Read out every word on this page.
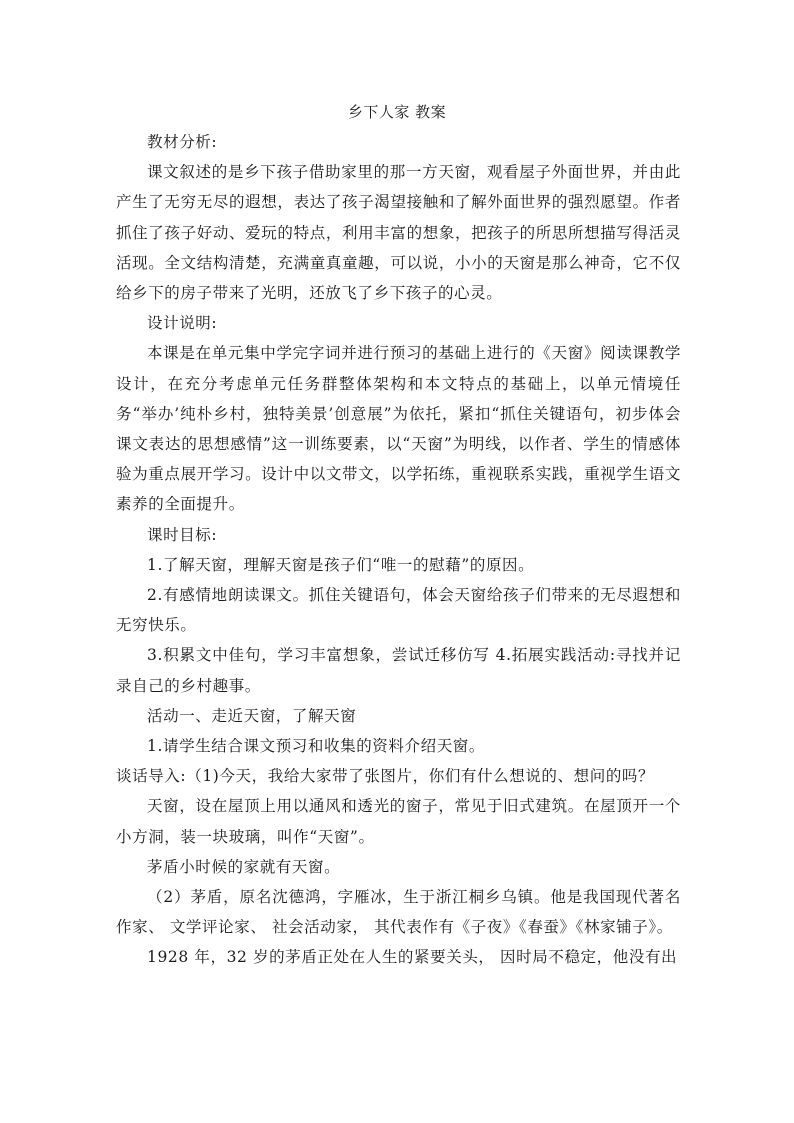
乡下人家 教案

教材分析:

课文叙述的是乡下孩子借助家里的那一方天窗，观看屋子外面世界，并由此产生了无穷无尽的遐想，表达了孩子渴望接触和了解外面世界的强烈愿望。作者抓住了孩子好动、爱玩的特点，利用丰富的想象，把孩子的所思所想描写得活灵活现。全文结构清楚，充满童真童趣，可以说，小小的天窗是那么神奇，它不仅给乡下的房子带来了光明，还放飞了乡下孩子的心灵。

设计说明:

本课是在单元集中学完字词并进行预习的基础上进行的《天窗》阅读课教学设计，在充分考虑单元任务群整体架构和本文特点的基础上，以单元情境任务“举办’纯朴乡村，独特美景’创意展”为依托，紧扣“抓住关键语句，初步体会课文表达的思想感情”这一训练要素，以“天窗”为明线，以作者、学生的情感体验为重点展开学习。设计中以文带文，以学拓练，重视联系实践，重视学生语文素养的全面提升。

课时目标:

1.了解天窗，理解天窗是孩子们“唯一的慰藉”的原因。

2.有感情地朗读课文。抓住关键语句，体会天窗给孩子们带来的无尽遐想和无穷快乐。

3.积累文中佳句，学习丰富想象，尝试迁移仿写 4.拓展实践活动:寻找并记录自己的乡村趣事。

活动一、走近天窗，了解天窗

1.请学生结合课文预习和收集的资料介绍天窗。

谈话导入:（1)今天，我给大家带了张图片，你们有什么想说的、想问的吗？

天窗，设在屋顶上用以通风和透光的窗子，常见于旧式建筑。在屋顶开一个小方洞，装一块玻璃，叫作“天窗”。

茅盾小时候的家就有天窗。

（2）茅盾，原名沈德鸿，字雁冰，生于浙江桐乡乌镇。他是我国现代著名作家、 文学评论家、 社会活动家， 其代表作有《子夜》《春蚕》《林家铺子》。

1928 年，32 岁的茅盾正处在人生的紧要关头， 因时局不稳定，他没有出
